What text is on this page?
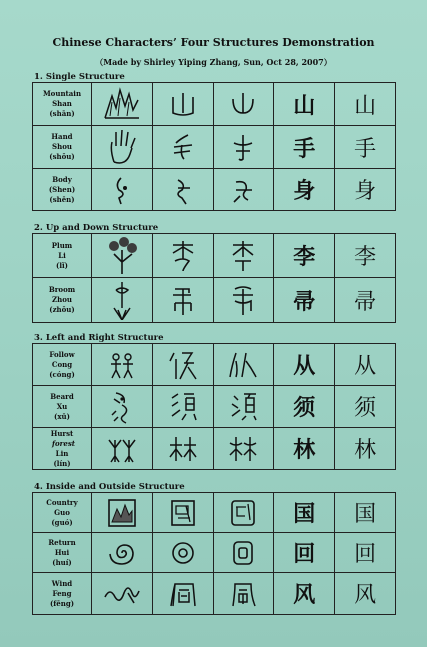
Chinese Characters’ Four Structures Demonstration
（Made by Shirley Yiping Zhang, Sun, Oct 28, 2007）
1. Single Structure
Mountain
Shan
(shān)				山	山

Hand
Shou
(shǒu)				手	手

Body
(Shen)
(shēn)				身	身
2. Up and Down Structure
Plum
Li
(lǐ)				李	李

Broom
Zhou
(zhǒu)				帚	帚
3. Left and Right Structure
Follow
Cong
(cóng)				从	从

Beard
Xu
(xū)				须	须

Hurst
forest
Lin
(lín)				林	林
4. Inside and Outside Structure
Country
Guo
(guó)				国	国

Return
Hui
(huí)				回	回

Wind
Feng
(fēng)				风	风
